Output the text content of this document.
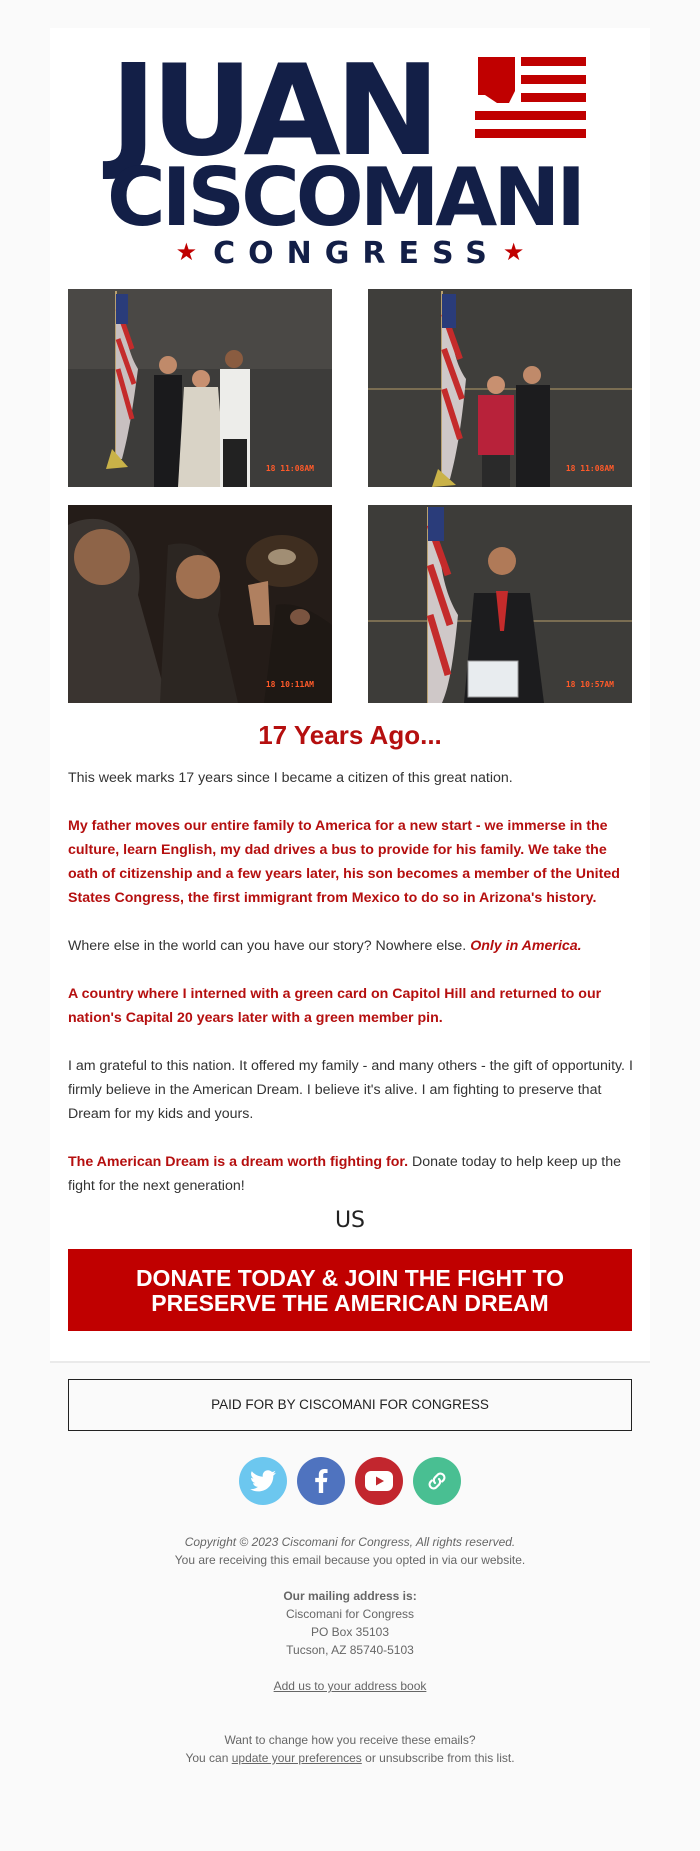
JUAN
CISCOMANI
★ CONGRESS ★
18 11:08AM	18 11:08AM
18 10:11AM	18 10:57AM
17 Years Ago...

This week marks 17 years since I became a citizen of this great nation.

My father moves our entire family to America for a new start - we immerse in the culture, learn English, my dad drives a bus to provide for his family. We take the oath of citizenship and a few years later, his son becomes a member of the United States Congress, the first immigrant from Mexico to do so in Arizona's history.

Where else in the world can you have our story? Nowhere else. Only in America.

A country where I interned with a green card on Capitol Hill and returned to our nation's Capital 20 years later with a green member pin.

I am grateful to this nation. It offered my family - and many others - the gift of opportunity. I firmly believe in the American Dream. I believe it's alive. I am fighting to preserve that Dream for my kids and yours.

The American Dream is a dream worth fighting for. Donate today to help keep up the fight for the next generation!

US
DONATE TODAY & JOIN THE FIGHT TO
PRESERVE THE AMERICAN DREAM
PAID FOR BY CISCOMANI FOR CONGRESS
Copyright © 2023 Ciscomani for Congress, All rights reserved.
You are receiving this email because you opted in via our website.
Our mailing address is:
Ciscomani for Congress
PO Box 35103
Tucson, AZ 85740-5103
Add us to your address book
Want to change how you receive these emails?
You can update your preferences or unsubscribe from this list.
